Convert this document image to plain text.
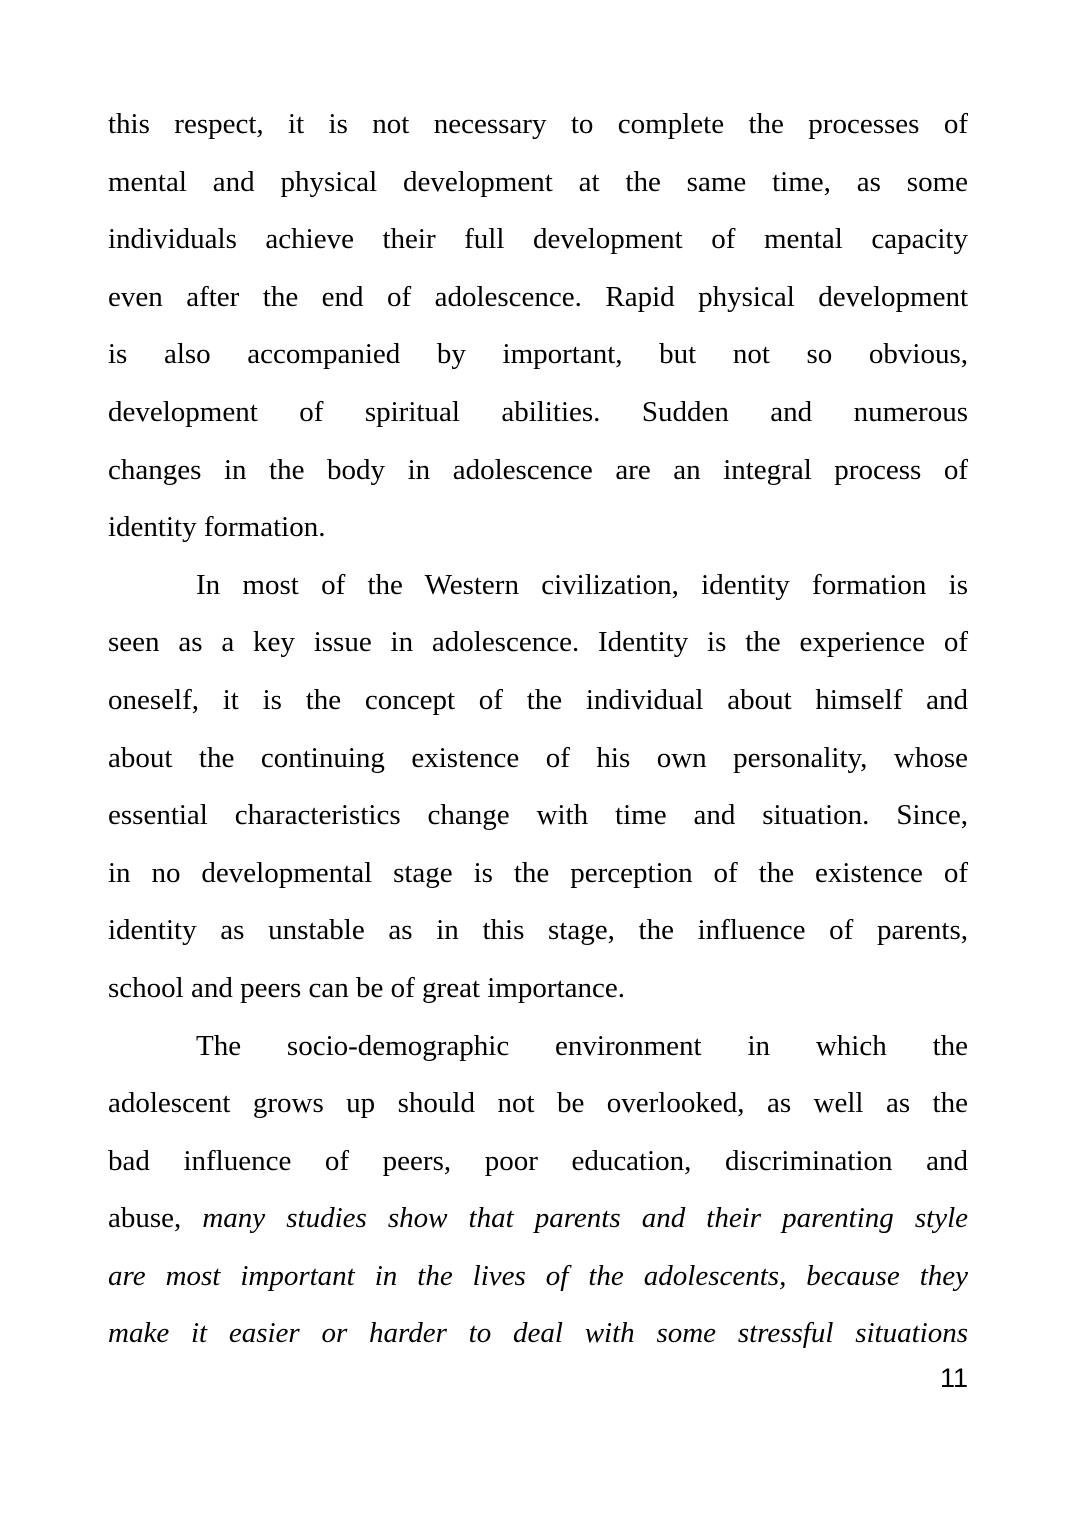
this respect, it is not necessary to complete the processes of
mental and physical development at the same time, as some
individuals achieve their full development of mental capacity
even after the end of adolescence. Rapid physical development
is also accompanied by important, but not so obvious,
development of spiritual abilities. Sudden and numerous
changes in the body in adolescence are an integral process of
identity formation.
In most of the Western civilization, identity formation is
seen as a key issue in adolescence. Identity is the experience of
oneself, it is the concept of the individual about himself and
about the continuing existence of his own personality, whose
essential characteristics change with time and situation. Since,
in no developmental stage is the perception of the existence of
identity as unstable as in this stage, the influence of parents,
school and peers can be of great importance.
The socio-demographic environment in which the
adolescent grows up should not be overlooked, as well as the
bad influence of peers, poor education, discrimination and
abuse, many studies show that parents and their parenting style
are most important in the lives of the adolescents, because they
make it easier or harder to deal with some stressful situations
11
